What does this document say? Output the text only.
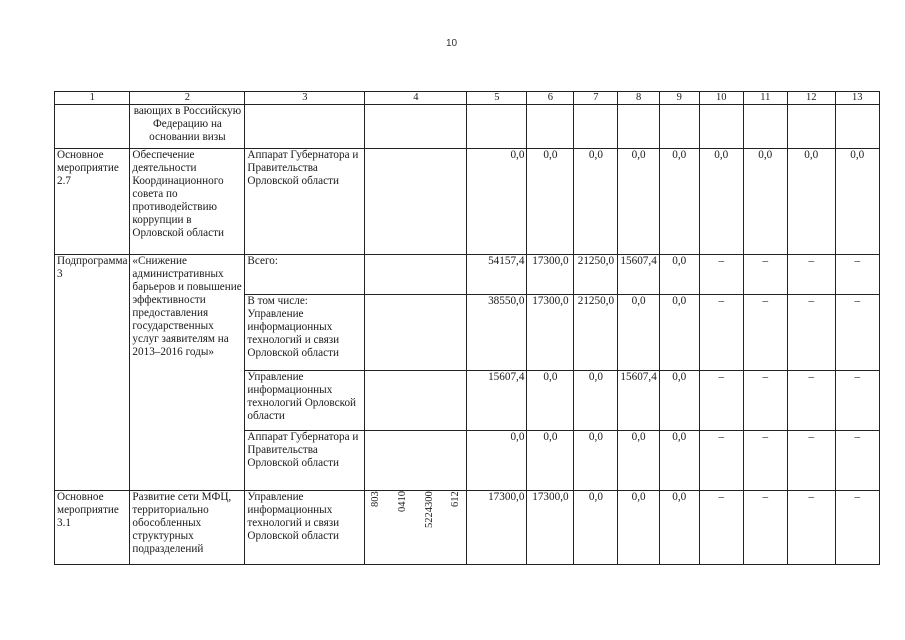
10
1	2	3	4	5	6	7	8	9	10	11	12	13
	вающих в Российскую Федерацию на основании визы											
Основное мероприятие 2.7	Обеспечение деятельности Координационного совета по противодействию коррупции в Орловской области	Аппарат Губернатора и Правительства Орловской области		0,0	0,0	0,0	0,0	0,0	0,0	0,0	0,0	0,0
Подпрограмма 3	«Снижение административных барьеров и повышение эффективности предоставления государственных услуг заявителям на 2013–2016 годы»	Всего:		54157,4	17300,0	21250,0	15607,4	0,0	–	–	–	–
		В том числе: Управление информационных технологий и связи Орловской области		38550,0	17300,0	21250,0	0,0	0,0	–	–	–	–
		Управление информационных технологий Орловской области		15607,4	0,0	0,0	15607,4	0,0	–	–	–	–
		Аппарат Губернатора и Правительства Орловской области		0,0	0,0	0,0	0,0	0,0	–	–	–	–
Основное мероприятие 3.1	Развитие сети МФЦ, территориально обособленных структурных подразделений	Управление информационных технологий и связи Орловской области	803 0410 5224300 612	17300,0	17300,0	0,0	0,0	0,0	–	–	–	–
